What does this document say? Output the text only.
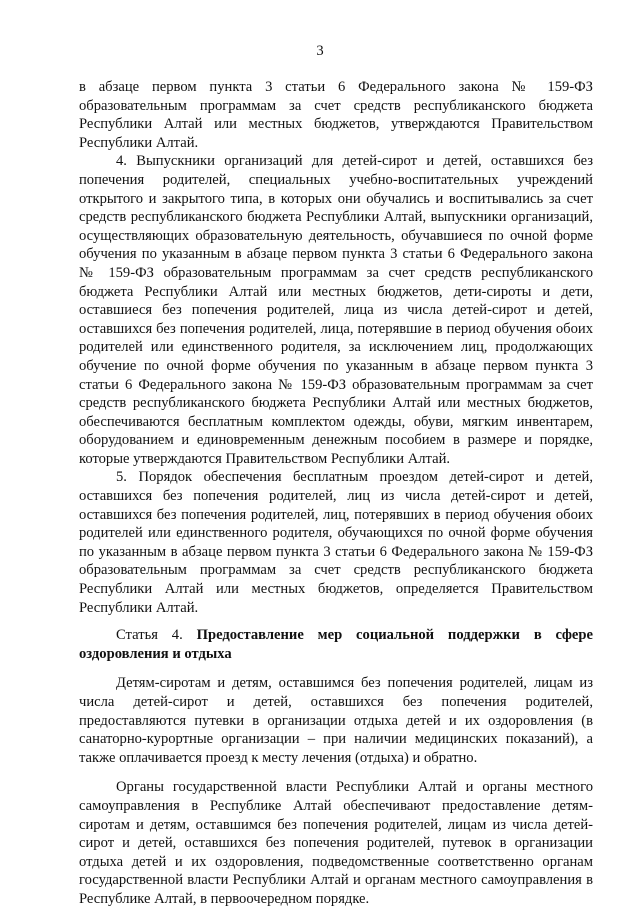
3

в абзаце первом пункта 3 статьи 6 Федерального закона № 159-ФЗ образовательным программам за счет средств республиканского бюджета Республики Алтай или местных бюджетов, утверждаются Правительством Республики Алтай.

4. Выпускники организаций для детей-сирот и детей, оставшихся без попечения родителей, специальных учебно-воспитательных учреждений открытого и закрытого типа, в которых они обучались и воспитывались за счет средств республиканского бюджета Республики Алтай, выпускники организаций, осуществляющих образовательную деятельность, обучавшиеся по очной форме обучения по указанным в абзаце первом пункта 3 статьи 6 Федерального закона № 159-ФЗ образовательным программам за счет средств республиканского бюджета Республики Алтай или местных бюджетов, дети-сироты и дети, оставшиеся без попечения родителей, лица из числа детей-сирот и детей, оставшихся без попечения родителей, лица, потерявшие в период обучения обоих родителей или единственного родителя, за исключением лиц, продолжающих обучение по очной форме обучения по указанным в абзаце первом пункта 3 статьи 6 Федерального закона № 159-ФЗ образовательным программам за счет средств республиканского бюджета Республики Алтай или местных бюджетов, обеспечиваются бесплатным комплектом одежды, обуви, мягким инвентарем, оборудованием и единовременным денежным пособием в размере и порядке, которые утверждаются Правительством Республики Алтай.

5. Порядок обеспечения бесплатным проездом детей-сирот и детей, оставшихся без попечения родителей, лиц из числа детей-сирот и детей, оставшихся без попечения родителей, лиц, потерявших в период обучения обоих родителей или единственного родителя, обучающихся по очной форме обучения по указанным в абзаце первом пункта 3 статьи 6 Федерального закона № 159-ФЗ образовательным программам за счет средств республиканского бюджета Республики Алтай или местных бюджетов, определяется Правительством Республики Алтай.

Статья 4. Предоставление мер социальной поддержки в сфере оздоровления и отдыха

Детям-сиротам и детям, оставшимся без попечения родителей, лицам из числа детей-сирот и детей, оставшихся без попечения родителей, предоставляются путевки в организации отдыха детей и их оздоровления (в санаторно-курортные организации – при наличии медицинских показаний), а также оплачивается проезд к месту лечения (отдыха) и обратно.

Органы государственной власти Республики Алтай и органы местного самоуправления в Республике Алтай обеспечивают предоставление детям-сиротам и детям, оставшимся без попечения родителей, лицам из числа детей-сирот и детей, оставшихся без попечения родителей, путевок в организации отдыха детей и их оздоровления, подведомственные соответственно органам государственной власти Республики Алтай и органам местного самоуправления в Республике Алтай, в первоочередном порядке.
